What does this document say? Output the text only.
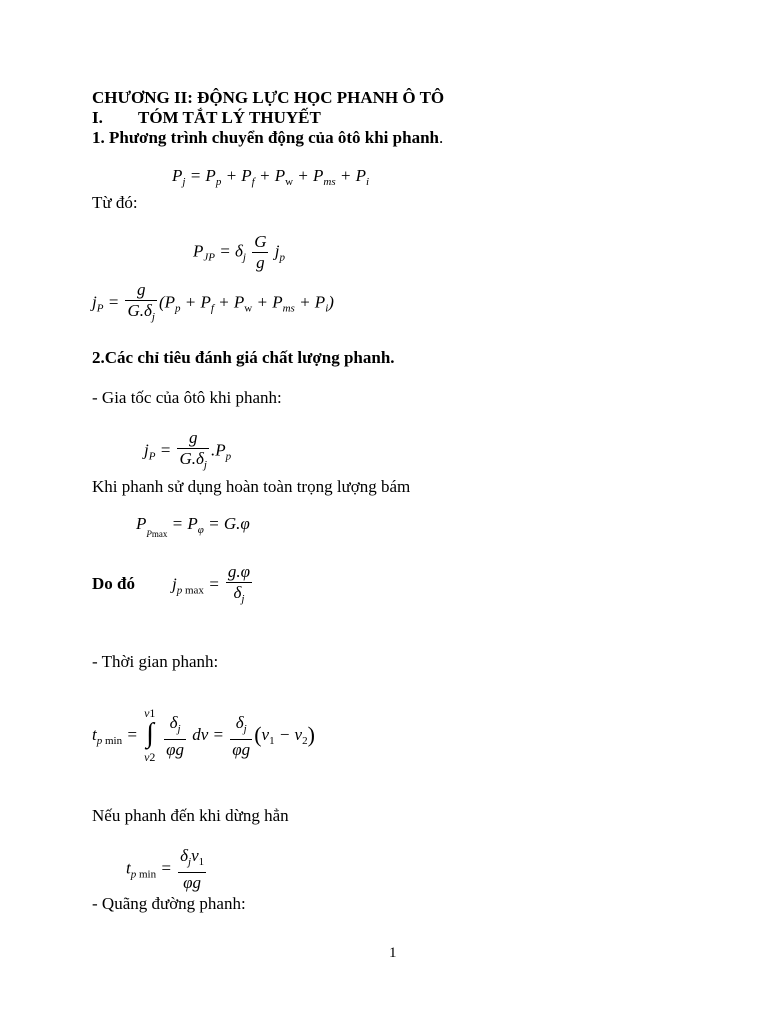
CHƯƠNG II: ĐỘNG LỰC HỌC PHANH Ô TÔ
I. TÓM TẮT LÝ THUYẾT
1. Phương trình chuyển động của ôtô khi phanh.
$P_j = P_p + P_f + P_w + P_{ms} + P_i$
Từ đó:
$P_{JP} = \delta_j \frac{G}{g} j_p$
$j_P = \frac{g}{G.\delta_j} (P_p + P_f + P_w + P_{ms} + P_i)$
2.Các chỉ tiêu đánh giá chất lượng phanh.
- Gia tốc của ôtô khi phanh:
$j_P = \frac{g}{G.\delta_j} .P_p$
Khi phanh sử dụng hoàn toàn trọng lượng bám
$P_{Pmax} = P_\varphi = G.\varphi$
Do đó $j_{p max} = \frac{g.\varphi}{\delta_j}$
- Thời gian phanh:
$t_{p min}$ =
v1
∫
$v2 \frac{\delta_j}{\varphi g}$ dv = $\frac{\delta_j}{\varphi g} (v_1 - v_2)$
Nếu phanh đến khi dừng hẳn
$t_{p min} = \frac{\delta_jv_1}{\varphi g}$
- Quãng đường phanh:
1
